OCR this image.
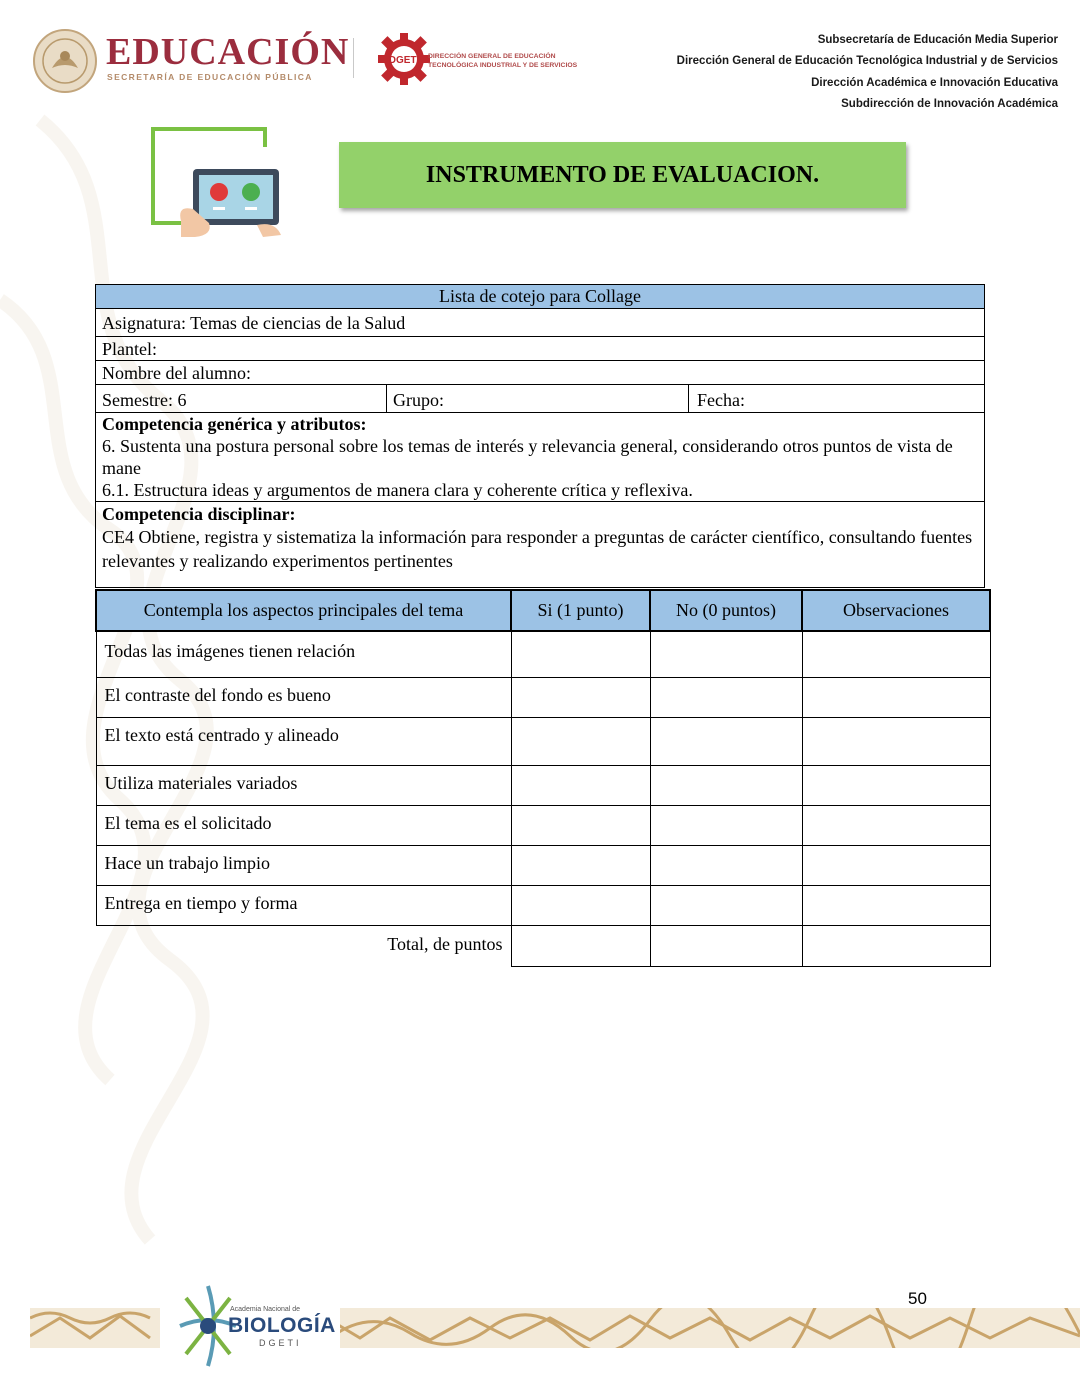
EDUCACIÓN
SECRETARÍA DE EDUCACIÓN PÚBLICA
DGETI DIRECCIÓN GENERAL DE EDUCACIÓN
TECNOLÓGICA INDUSTRIAL Y DE SERVICIOS
Subsecretaría de Educación Media Superior
Dirección General de Educación Tecnológica Industrial y de Servicios
Dirección Académica e Innovación Educativa
Subdirección de Innovación Académica
INSTRUMENTO DE EVALUACION.
Lista de cotejo para Collage
Asignatura: Temas de ciencias de la Salud
Plantel:
Nombre del alumno:
Semestre: 6	Grupo:	Fecha:

Competencia genérica y atributos:
6. Sustenta una postura personal sobre los temas de interés y relevancia general, considerando otros puntos de vista de mane
6.1. Estructura ideas y argumentos de manera clara y coherente crítica y reflexiva.

Competencia disciplinar:
CE4 Obtiene, registra y sistematiza la información para responder a preguntas de carácter científico, consultando fuentes relevantes y realizando experimentos pertinentes
Contempla los aspectos principales del tema	Si (1 punto)	No (0 puntos)	Observaciones
Todas las imágenes tienen relación			
El contraste del fondo es bueno			
El texto está centrado y alineado			
Utiliza materiales variados			
El tema es el solicitado			
Hace un trabajo limpio			
Entrega en tiempo y forma			
Total, de puntos			
50
Academia Nacional de
BIOLOGÍA
DGETI
